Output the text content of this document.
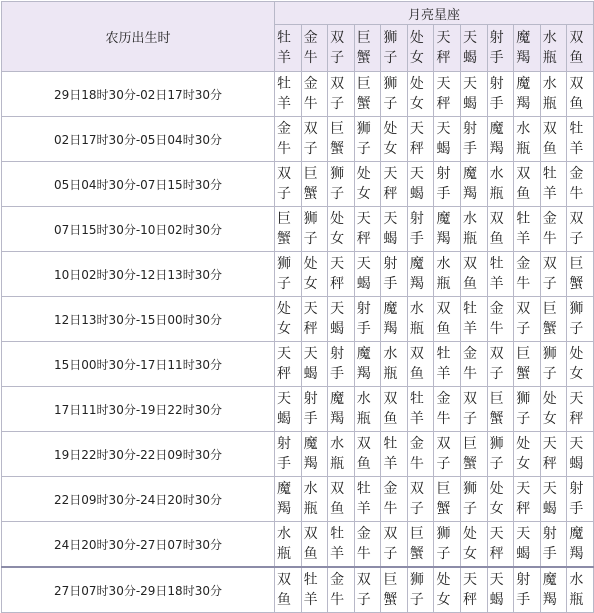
农历出生时	月亮星座											

	牡羊	金牛	双子	巨蟹	狮子	处女	天秤	天蝎	射手	魔羯	水瓶	双鱼

29日18时30分-02日17时30分	牡羊	金牛	双子	巨蟹	狮子	处女	天秤	天蝎	射手	魔羯	水瓶	双鱼

02日17时30分-05日04时30分	金牛	双子	巨蟹	狮子	处女	天秤	天蝎	射手	魔羯	水瓶	双鱼	牡羊

05日04时30分-07日15时30分	双子	巨蟹	狮子	处女	天秤	天蝎	射手	魔羯	水瓶	双鱼	牡羊	金牛

07日15时30分-10日02时30分	巨蟹	狮子	处女	天秤	天蝎	射手	魔羯	水瓶	双鱼	牡羊	金牛	双子

10日02时30分-12日13时30分	狮子	处女	天秤	天蝎	射手	魔羯	水瓶	双鱼	牡羊	金牛	双子	巨蟹

12日13时30分-15日00时30分	处女	天秤	天蝎	射手	魔羯	水瓶	双鱼	牡羊	金牛	双子	巨蟹	狮子

15日00时30分-17日11时30分	天秤	天蝎	射手	魔羯	水瓶	双鱼	牡羊	金牛	双子	巨蟹	狮子	处女

17日11时30分-19日22时30分	天蝎	射手	魔羯	水瓶	双鱼	牡羊	金牛	双子	巨蟹	狮子	处女	天秤

19日22时30分-22日09时30分	射手	魔羯	水瓶	双鱼	牡羊	金牛	双子	巨蟹	狮子	处女	天秤	天蝎

22日09时30分-24日20时30分	魔羯	水瓶	双鱼	牡羊	金牛	双子	巨蟹	狮子	处女	天秤	天蝎	射手

24日20时30分-27日07时30分	水瓶	双鱼	牡羊	金牛	双子	巨蟹	狮子	处女	天秤	天蝎	射手	魔羯

27日07时30分-29日18时30分	双鱼	牡羊	金牛	双子	巨蟹	狮子	处女	天秤	天蝎	射手	魔羯	水瓶
